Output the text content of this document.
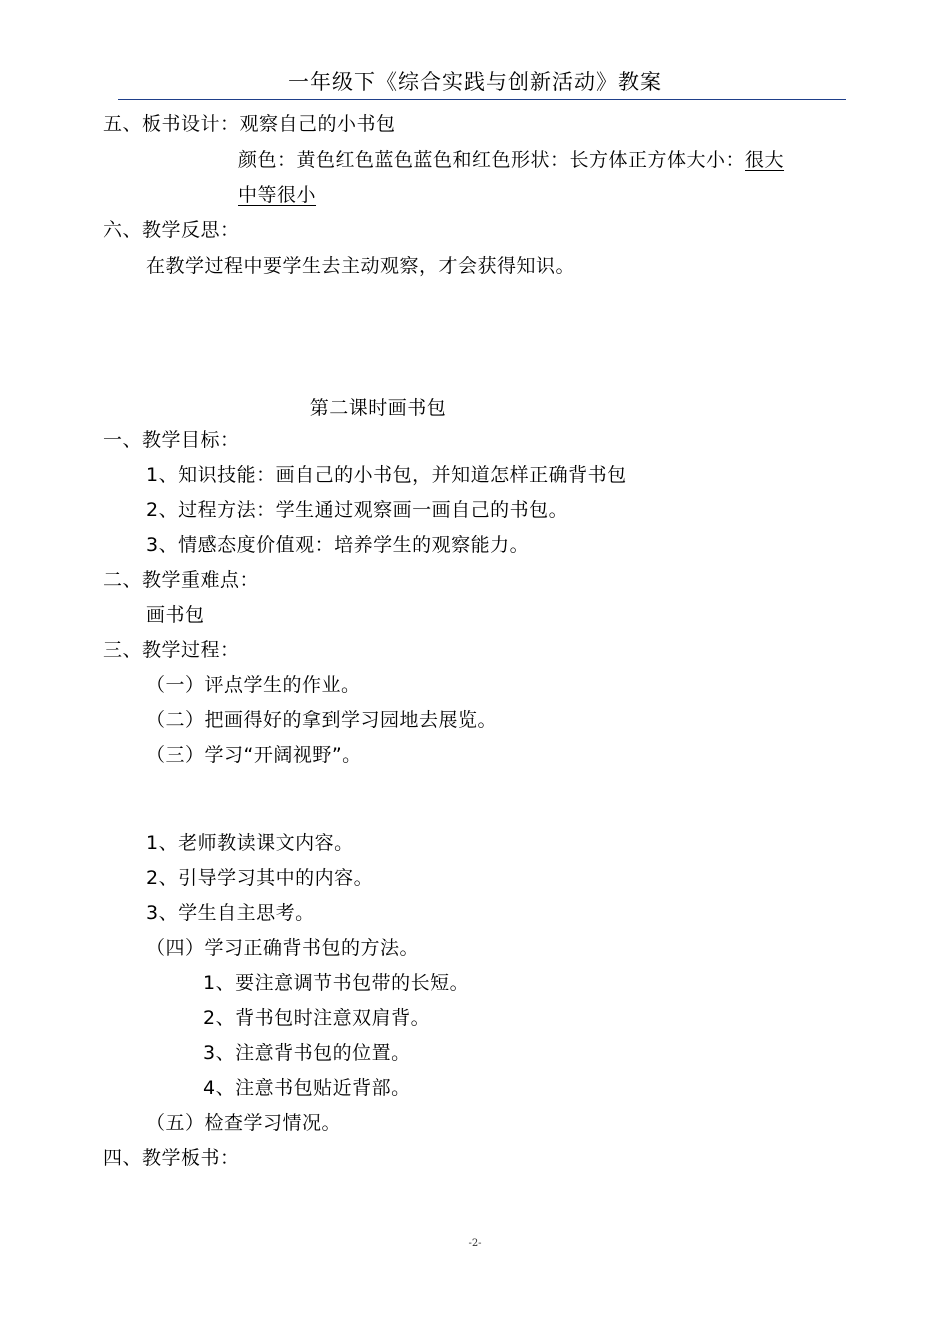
一年级下《综合实践与创新活动》教案
五、板书设计：观察自己的小书包
颜色：黄色红色蓝色蓝色和红色形状：长方体正方体大小：很大
中等很小
六、教学反思：
在教学过程中要学生去主动观察，才会获得知识。
第二课时画书包
一、教学目标：
1、知识技能：画自己的小书包，并知道怎样正确背书包
2、过程方法：学生通过观察画一画自己的书包。
3、情感态度价值观：培养学生的观察能力。
二、教学重难点：
画书包
三、教学过程：
（一）评点学生的作业。
（二）把画得好的拿到学习园地去展览。
（三）学习“开阔视野”。
1、老师教读课文内容。
2、引导学习其中的内容。
3、学生自主思考。
（四）学习正确背书包的方法。
1、要注意调节书包带的长短。
2、背书包时注意双肩背。
3、注意背书包的位置。
4、注意书包贴近背部。
（五）检查学习情况。
四、教学板书：
-2-
